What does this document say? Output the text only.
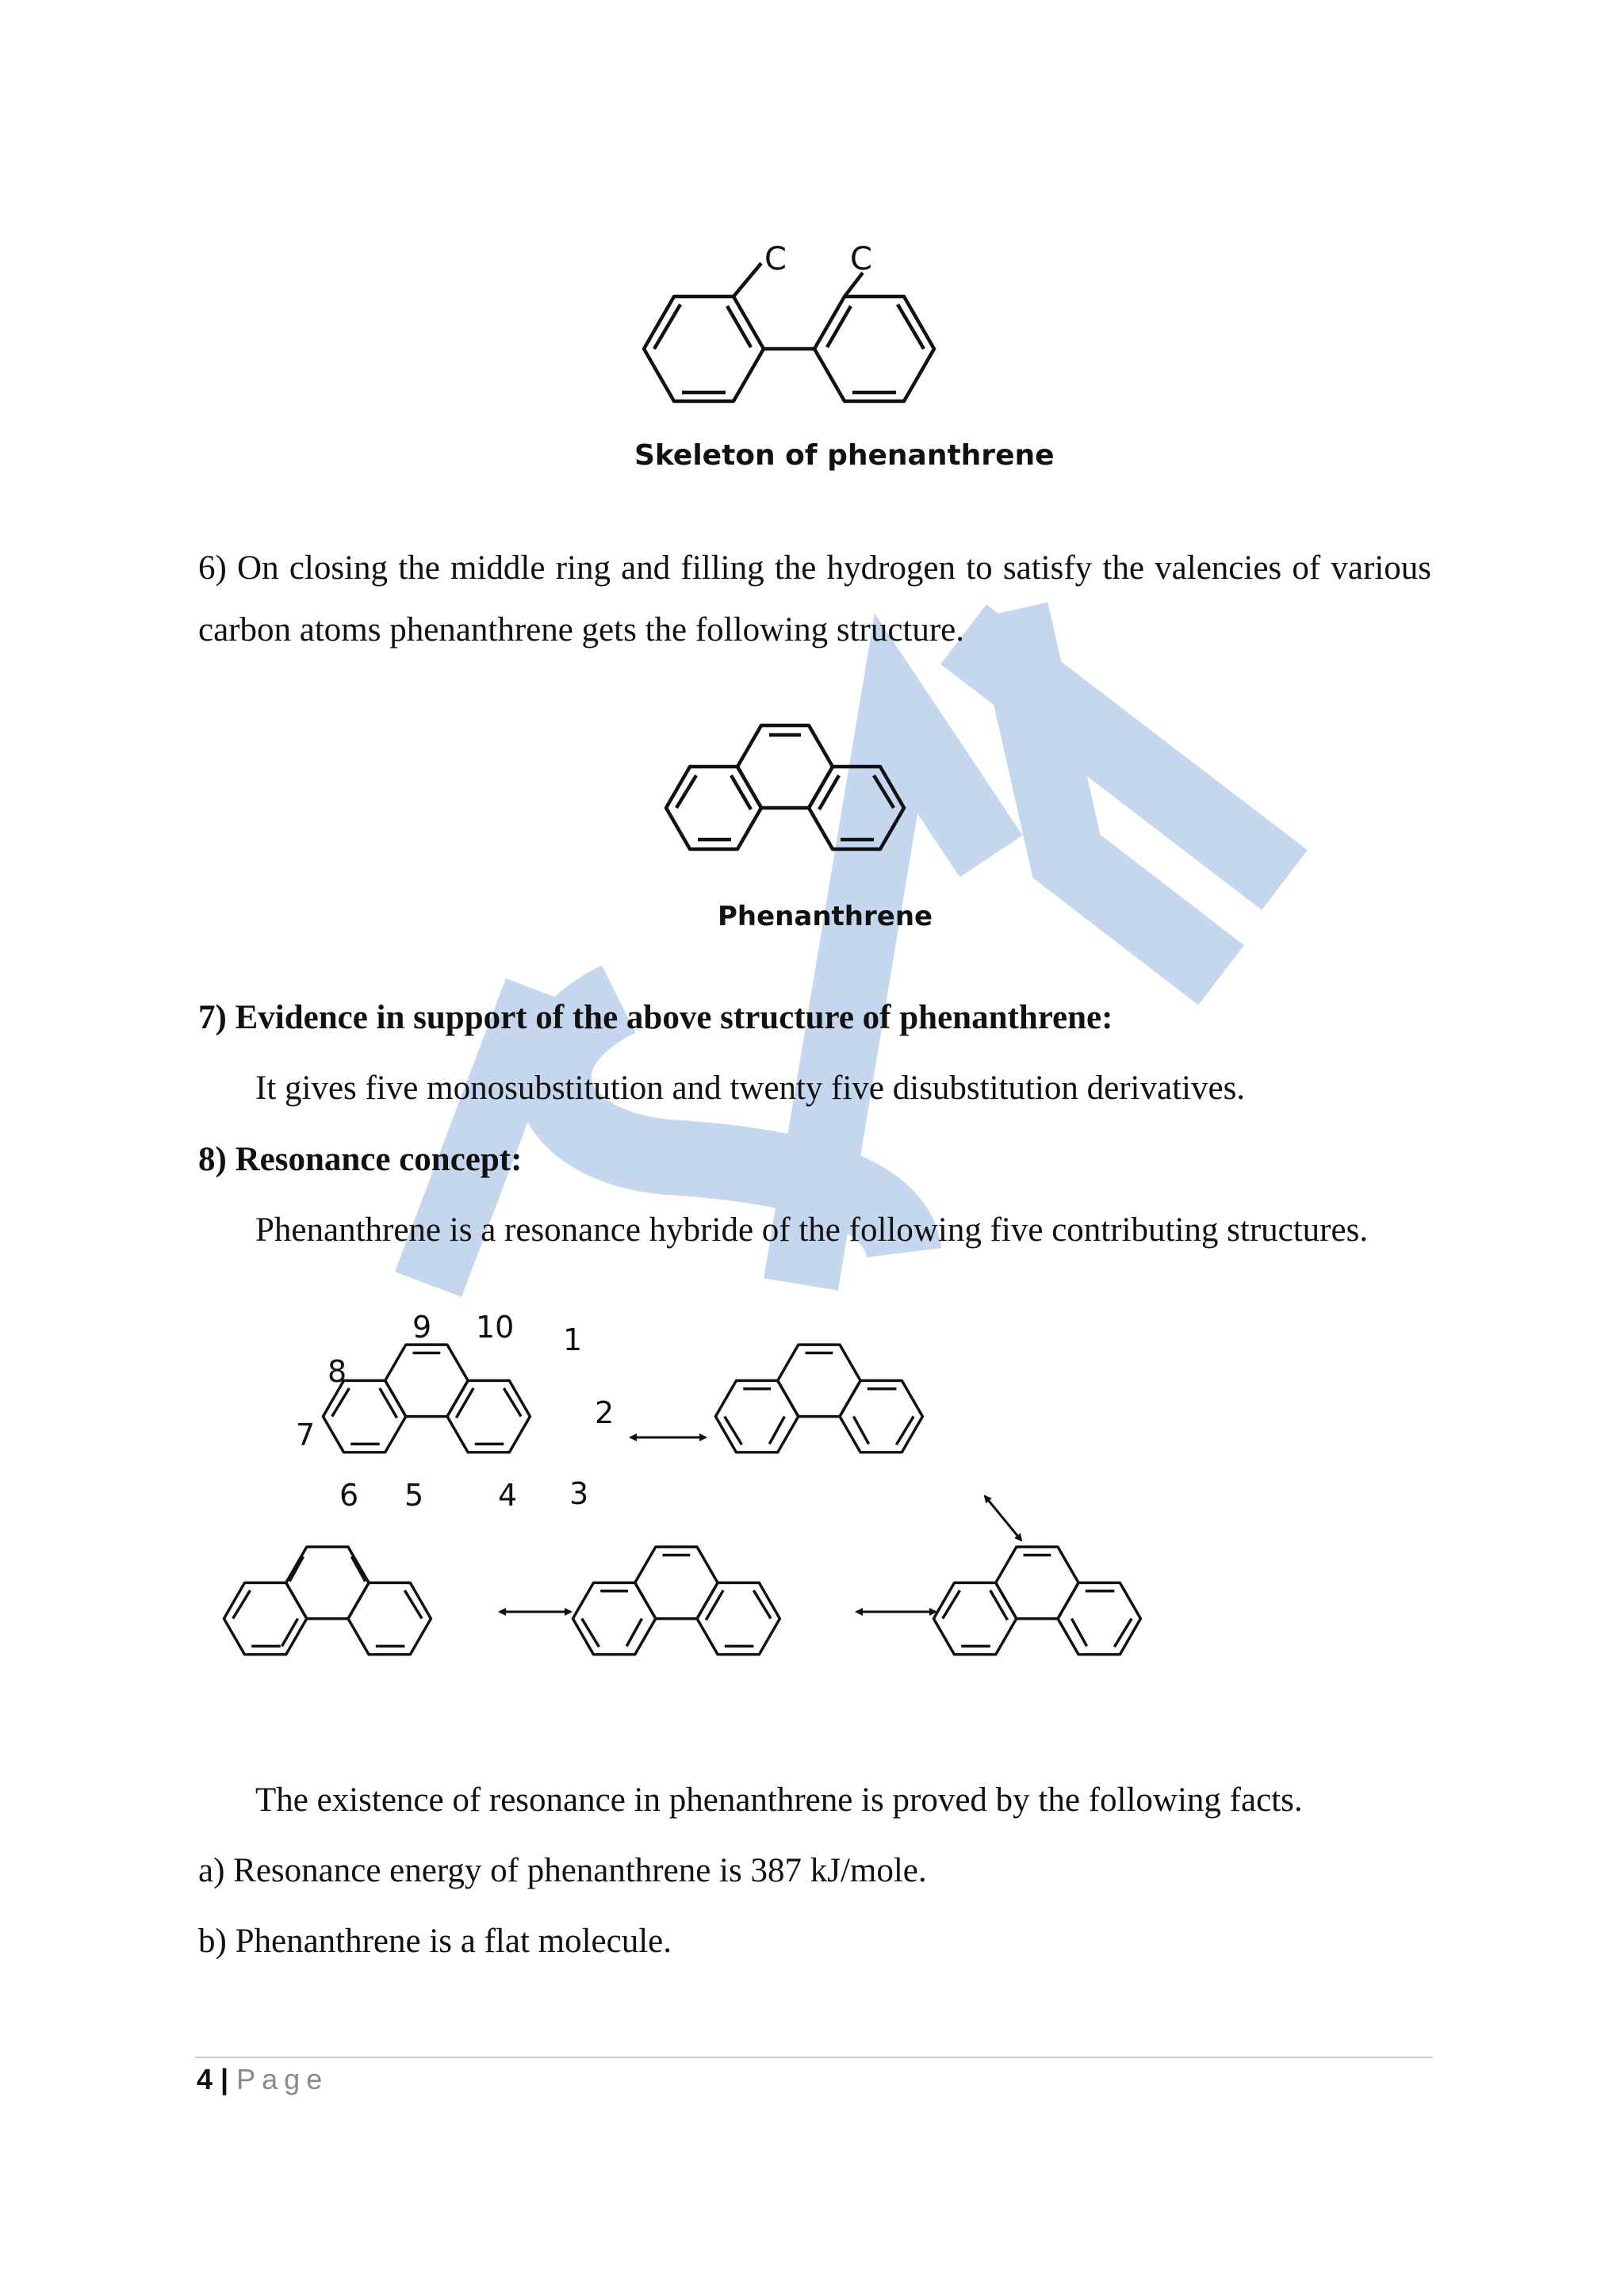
C C
Skeleton of phenanthrene

6) On closing the middle ring and filling the hydrogen to satisfy the valencies of various carbon atoms phenanthrene gets the following structure.

Phenanthrene

7) Evidence in support of the above structure of phenanthrene:

It gives five monosubstitution and twenty five disubstitution derivatives.

8) Resonance concept:

Phenanthrene is a resonance hybride of the following five contributing structures.

1
2
3
4
5
6
7
8
9 10

The existence of resonance in phenanthrene is proved by the following facts.

a) Resonance energy of phenanthrene is 387 kJ/mole.

b) Phenanthrene is a flat molecule.

4 | Page
